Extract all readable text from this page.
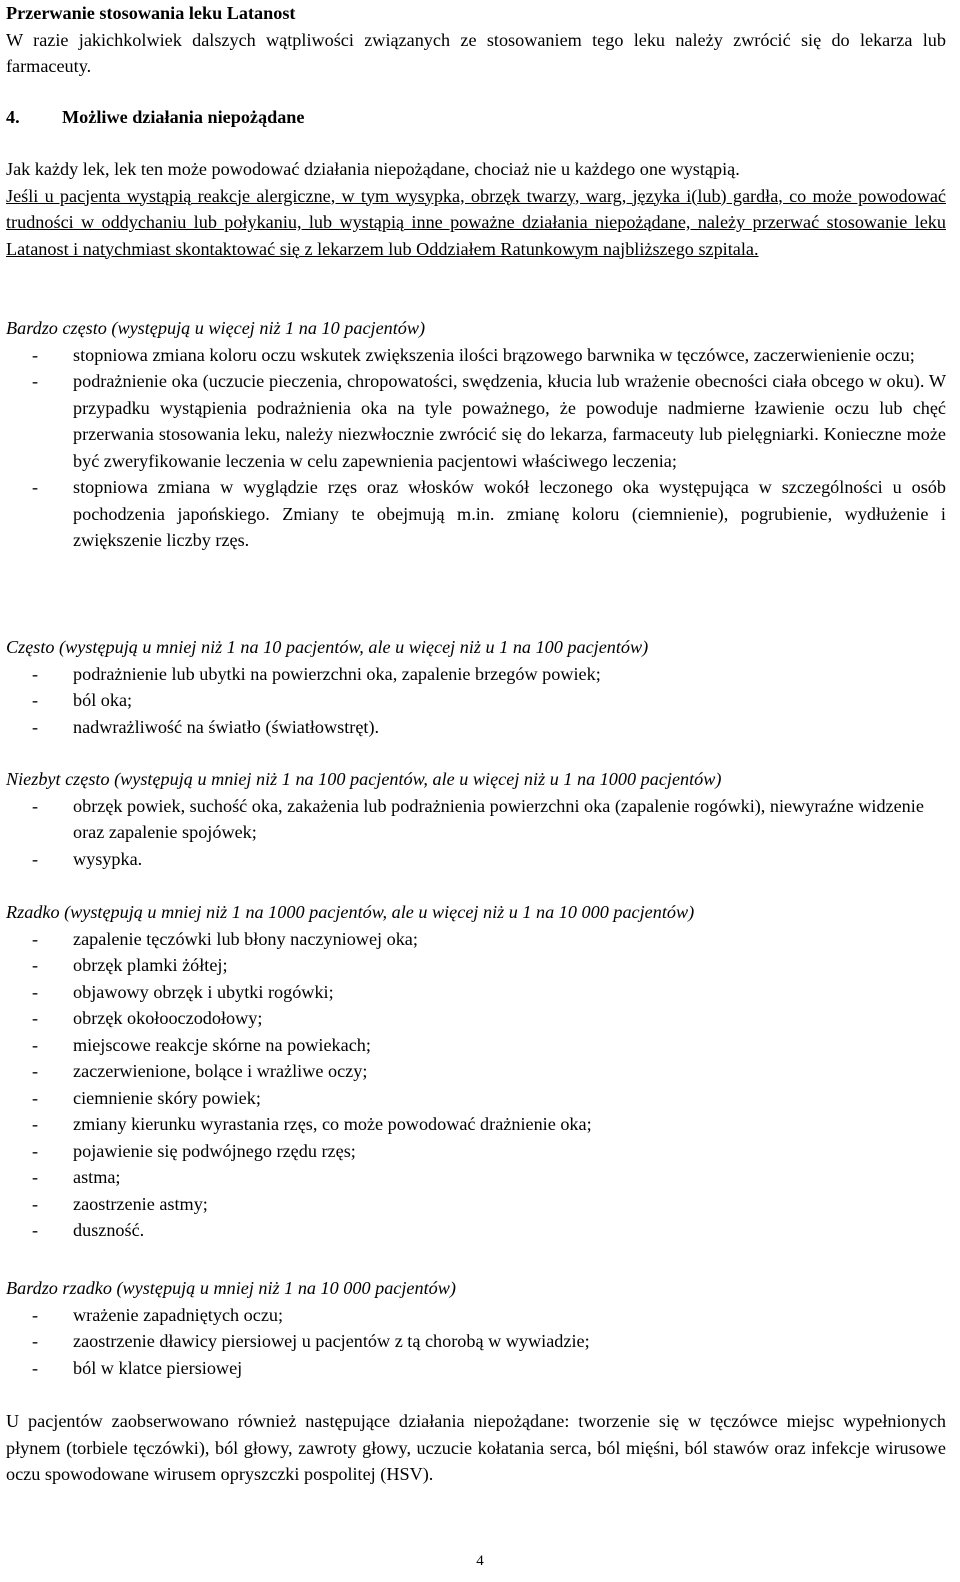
Przerwanie stosowania leku Latanost
W razie jakichkolwiek dalszych wątpliwości związanych ze stosowaniem tego leku należy zwrócić się do lekarza lub farmaceuty.
4.	Możliwe działania niepożądane
Jak każdy lek, lek ten może powodować działania niepożądane, chociaż nie u każdego one wystąpią.
Jeśli u pacjenta wystąpią reakcje alergiczne, w tym wysypka, obrzęk twarzy, warg, języka i(lub) gardła, co może powodować trudności w oddychaniu lub połykaniu, lub wystąpią inne poważne działania niepożądane, należy przerwać stosowanie leku Latanost i natychmiast skontaktować się z lekarzem lub Oddziałem Ratunkowym najbliższego szpitala.
Bardzo często (występują u więcej niż 1 na 10 pacjentów)
- stopniowa zmiana koloru oczu wskutek zwiększenia ilości brązowego barwnika w tęczówce, zaczerwienienie oczu;
- podrażnienie oka (uczucie pieczenia, chropowatości, swędzenia, kłucia lub wrażenie obecności ciała obcego w oku). W przypadku wystąpienia podrażnienia oka na tyle poważnego, że powoduje nadmierne łzawienie oczu lub chęć przerwania stosowania leku, należy niezwłocznie zwrócić się do lekarza, farmaceuty lub pielęgniarki. Konieczne może być zweryfikowanie leczenia w celu zapewnienia pacjentowi właściwego leczenia;
- stopniowa zmiana w wyglądzie rzęs oraz włosków wokół leczonego oka występująca w szczególności u osób pochodzenia japońskiego. Zmiany te obejmują m.in. zmianę koloru (ciemnienie), pogrubienie, wydłużenie i zwiększenie liczby rzęs.
Często (występują u mniej niż 1 na 10 pacjentów, ale u więcej niż u 1 na 100 pacjentów)
- podrażnienie lub ubytki na powierzchni oka, zapalenie brzegów powiek;
- ból oka;
- nadwrażliwość na światło (światłowstręt).
Niezbyt często (występują u mniej niż 1 na 100 pacjentów, ale u więcej niż u 1 na 1000 pacjentów)
- obrzęk powiek, suchość oka, zakażenia lub podrażnienia powierzchni oka (zapalenie rogówki), niewyraźne widzenie oraz zapalenie spojówek;
- wysypka.
Rzadko (występują u mniej niż 1 na 1000 pacjentów, ale u więcej niż u 1 na 10 000 pacjentów)
- zapalenie tęczówki lub błony naczyniowej oka;
- obrzęk plamki żółtej;
- objawowy obrzęk i ubytki rogówki;
- obrzęk okołooczodołowy;
- miejscowe reakcje skórne na powiekach;
- zaczerwienione, bolące i wrażliwe oczy;
- ciemnienie skóry powiek;
- zmiany kierunku wyrastania rzęs, co może powodować drażnienie oka;
- pojawienie się podwójnego rzędu rzęs;
- astma;
- zaostrzenie astmy;
- duszność.
Bardzo rzadko (występują u mniej niż 1 na 10 000 pacjentów)
- wrażenie zapadniętych oczu;
- zaostrzenie dławicy piersiowej u pacjentów z tą chorobą w wywiadzie;
- ból w klatce piersiowej
U pacjentów zaobserwowano również następujące działania niepożądane: tworzenie się w tęczówce miejsc wypełnionych płynem (torbiele tęczówki), ból głowy, zawroty głowy, uczucie kołatania serca, ból mięśni, ból stawów oraz infekcje wirusowe oczu spowodowane wirusem opryszczki pospolitej (HSV).
4
